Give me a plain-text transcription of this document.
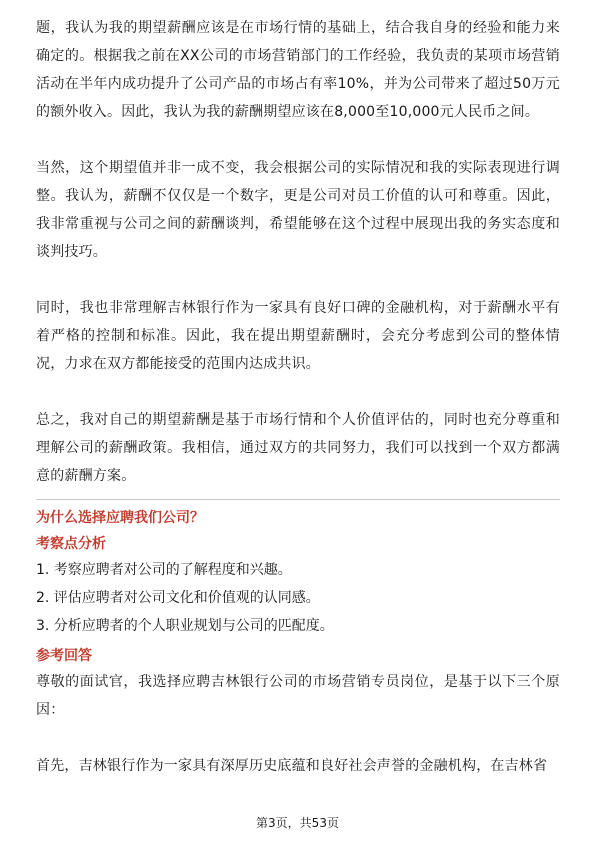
题，我认为我的期望薪酬应该是在市场行情的基础上，结合我自身的经验和能力来确定的。根据我之前在XX公司的市场营销部门的工作经验，我负责的某项市场营销活动在半年内成功提升了公司产品的市场占有率10%，并为公司带来了超过50万元的额外收入。因此，我认为我的薪酬期望应该在8,000至10,000元人民币之间。

当然，这个期望值并非一成不变，我会根据公司的实际情况和我的实际表现进行调整。我认为，薪酬不仅仅是一个数字，更是公司对员工价值的认可和尊重。因此，我非常重视与公司之间的薪酬谈判，希望能够在这个过程中展现出我的务实态度和谈判技巧。

同时，我也非常理解吉林银行作为一家具有良好口碑的金融机构，对于薪酬水平有着严格的控制和标准。因此，我在提出期望薪酬时，会充分考虑到公司的整体情况，力求在双方都能接受的范围内达成共识。

总之，我对自己的期望薪酬是基于市场行情和个人价值评估的，同时也充分尊重和理解公司的薪酬政策。我相信，通过双方的共同努力，我们可以找到一个双方都满意的薪酬方案。

为什么选择应聘我们公司？
考察点分析

1. 考察应聘者对公司的了解程度和兴趣。

2. 评估应聘者对公司文化和价值观的认同感。

3. 分析应聘者的个人职业规划与公司的匹配度。

参考回答

尊敬的面试官，我选择应聘吉林银行公司的市场营销专员岗位，是基于以下三个原因：

首先，吉林银行作为一家具有深厚历史底蕴和良好社会声誉的金融机构，在吉林省

第3页，共53页
